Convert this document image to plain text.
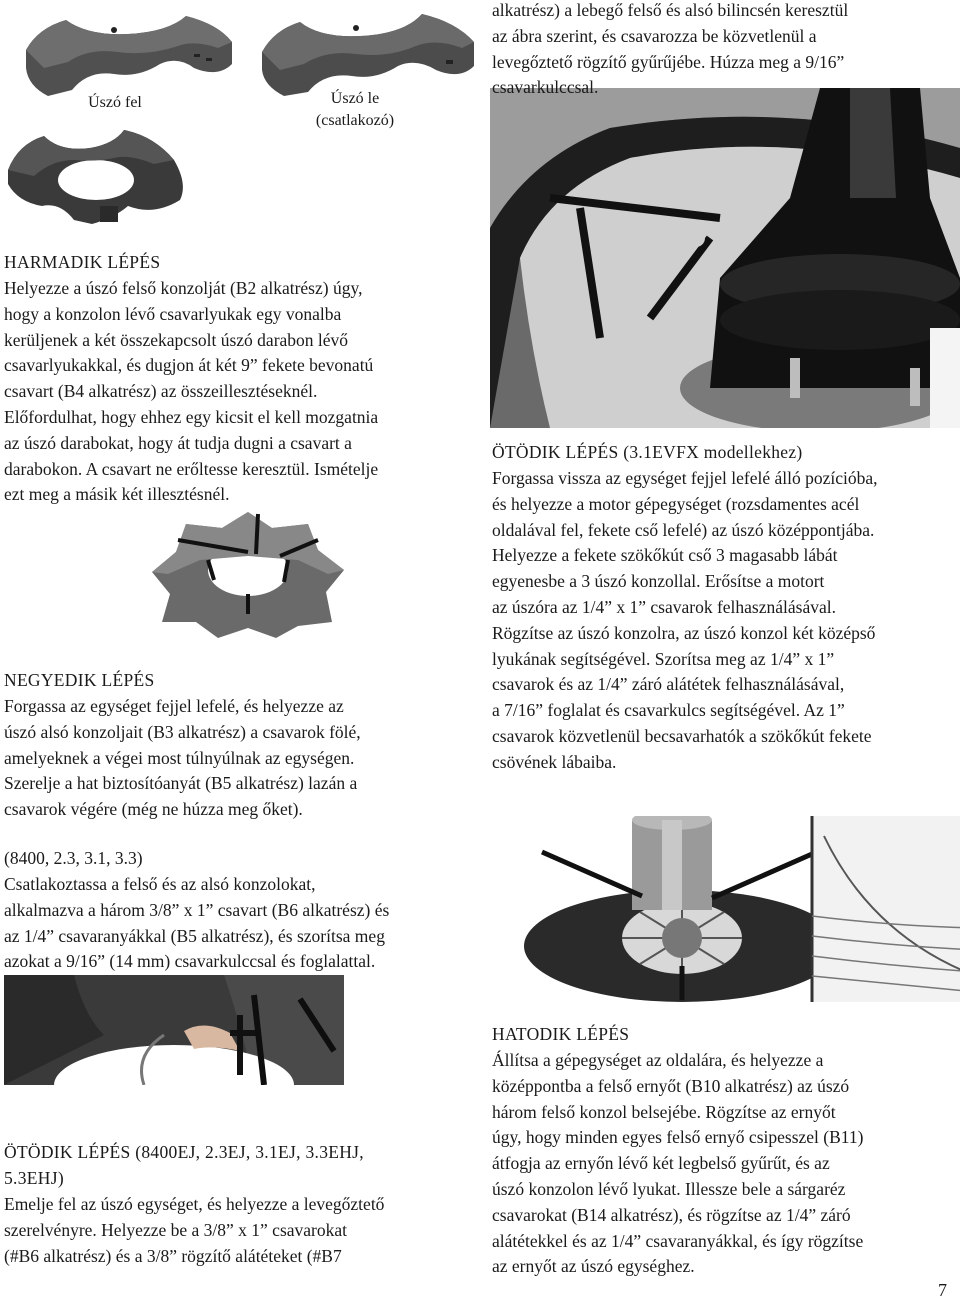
Úszó fel	Úszó le (csatlakozó)
alkatrész) a lebegő felső és alsó bilincsén keresztül
az ábra szerint, és csavarozza be közvetlenül a
levegőztető rögzítő gyűrűjébe. Húzza meg a 9/16”
csavarkulccsal.
HARMADIK LÉPÉS
Helyezze a úszó felső konzolját (B2 alkatrész) úgy,
hogy a konzolon lévő csavarlyukak egy vonalba
kerüljenek a két összekapcsolt úszó darabon lévő
csavarlyukakkal, és dugjon át két 9” fekete bevonatú
csavart (B4 alkatrész) az összeillesztéseknél.
Előfordulhat, hogy ehhez egy kicsit el kell mozgatnia
az úszó darabokat, hogy át tudja dugni a csavart a
darabokon. A csavart ne erőltesse keresztül. Ismételje
ezt meg a másik két illesztésnél.
NEGYEDIK LÉPÉS
Forgassa az egységet fejjel lefelé, és helyezze az
úszó alsó konzoljait (B3 alkatrész) a csavarok fölé,
amelyeknek a végei most túlnyúlnak az egységen.
Szerelje a hat biztosítóanyát (B5 alkatrész) lazán a
csavarok végére (még ne húzza meg őket).
(8400, 2.3, 3.1, 3.3)
Csatlakoztassa a felső és az alsó konzolokat,
alkalmazva a három 3/8” x 1” csavart (B6 alkatrész) és
az 1/4” csavaranyákkal (B5 alkatrész), és szorítsa meg
azokat a 9/16” (14 mm) csavarkulccsal és foglalattal.
ÖTÖDIK LÉPÉS (8400EJ, 2.3EJ, 3.1EJ, 3.3EHJ,
5.3EHJ)
Emelje fel az úszó egységet, és helyezze a levegőztető
szerelvényre. Helyezze be a 3/8” x 1” csavarokat
(#B6 alkatrész) és a 3/8” rögzítő alátéteket (#B7
ÖTÖDIK LÉPÉS (3.1EVFX modellekhez)
Forgassa vissza az egységet fejjel lefelé álló pozícióba,
és helyezze a motor gépegységet (rozsdamentes acél
oldalával fel, fekete cső lefelé) az úszó középpontjába.
Helyezze a fekete szökőkút cső 3 magasabb lábát
egyenesbe a 3 úszó konzollal. Erősítse a motort
az úszóra az 1/4” x 1” csavarok felhasználásával.
Rögzítse az úszó konzolra, az úszó konzol két középső
lyukának segítségével. Szorítsa meg az 1/4” x 1”
csavarok és az 1/4” záró alátétek felhasználásával,
a 7/16” foglalat és csavarkulcs segítségével. Az 1”
csavarok közvetlenül becsavarhatók a szökőkút fekete
csövének lábaiba.
HATODIK LÉPÉS
Állítsa a gépegységet az oldalára, és helyezze a
középpontba a felső ernyőt (B10 alkatrész) az úszó
három felső konzol belsejébe. Rögzítse az ernyőt
úgy, hogy minden egyes felső ernyő csipesszel (B11)
átfogja az ernyőn lévő két legbelső gyűrűt, és az
úszó konzolon lévő lyukat. Illessze bele a sárgaréz
csavarokat (B14 alkatrész), és rögzítse az 1/4” záró
alátétekkel és az 1/4” csavaranyákkal, és így rögzítse
az ernyőt az úszó egységhez.
7
